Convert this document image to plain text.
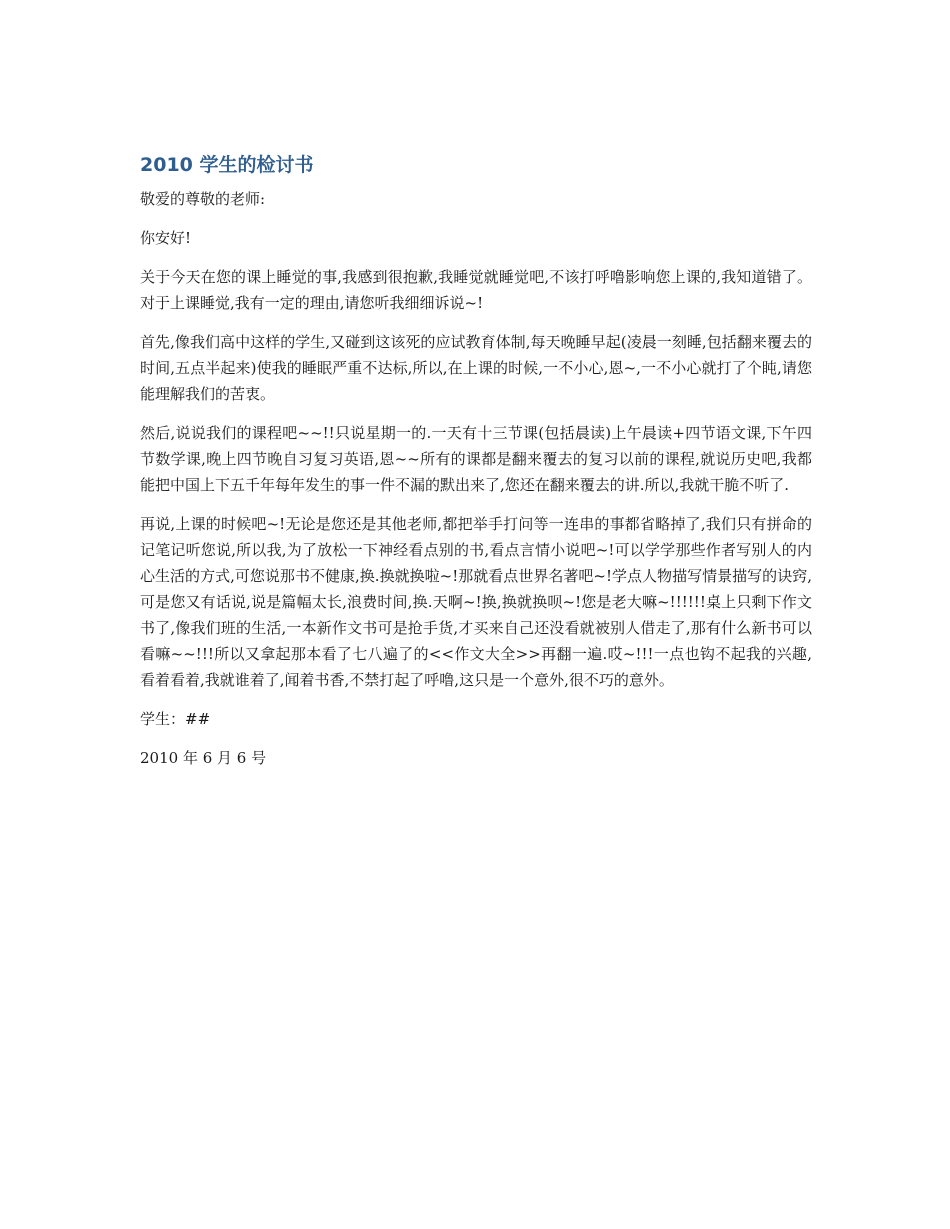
2010 学生的检讨书

敬爱的尊敬的老师:

你安好!

关于今天在您的课上睡觉的事,我感到很抱歉,我睡觉就睡觉吧,不该打呼噜影响您上课的,我知道错了。对于上课睡觉,我有一定的理由,请您听我细细诉说~!

首先,像我们高中这样的学生,又碰到这该死的应试教育体制,每天晚睡早起(凌晨一刻睡,包括翻来覆去的时间,五点半起来)使我的睡眠严重不达标,所以,在上课的时候,一不小心,恩~,一不小心就打了个盹,请您能理解我们的苦衷。

然后,说说我们的课程吧~~!!只说星期一的.一天有十三节课(包括晨读)上午晨读+四节语文课,下午四节数学课,晚上四节晚自习复习英语,恩~~所有的课都是翻来覆去的复习以前的课程,就说历史吧,我都能把中国上下五千年每年发生的事一件不漏的默出来了,您还在翻来覆去的讲.所以,我就干脆不听了.

再说,上课的时候吧~!无论是您还是其他老师,都把举手打问等一连串的事都省略掉了,我们只有拼命的记笔记听您说,所以我,为了放松一下神经看点别的书,看点言情小说吧~!可以学学那些作者写别人的内心生活的方式,可您说那书不健康,换.换就换啦~!那就看点世界名著吧~!学点人物描写情景描写的诀窍,可是您又有话说,说是篇幅太长,浪费时间,换.天啊~!换,换就换呗~!您是老大嘛~!!!!!!桌上只剩下作文书了,像我们班的生活,一本新作文书可是抢手货,才买来自己还没看就被别人借走了,那有什么新书可以看嘛~~!!!所以又拿起那本看了七八遍了的<<作文大全>>再翻一遍.哎~!!!一点也钩不起我的兴趣,看着看着,我就谁着了,闻着书香,不禁打起了呼噜,这只是一个意外,很不巧的意外。

学生：##

2010 年 6 月 6 号
